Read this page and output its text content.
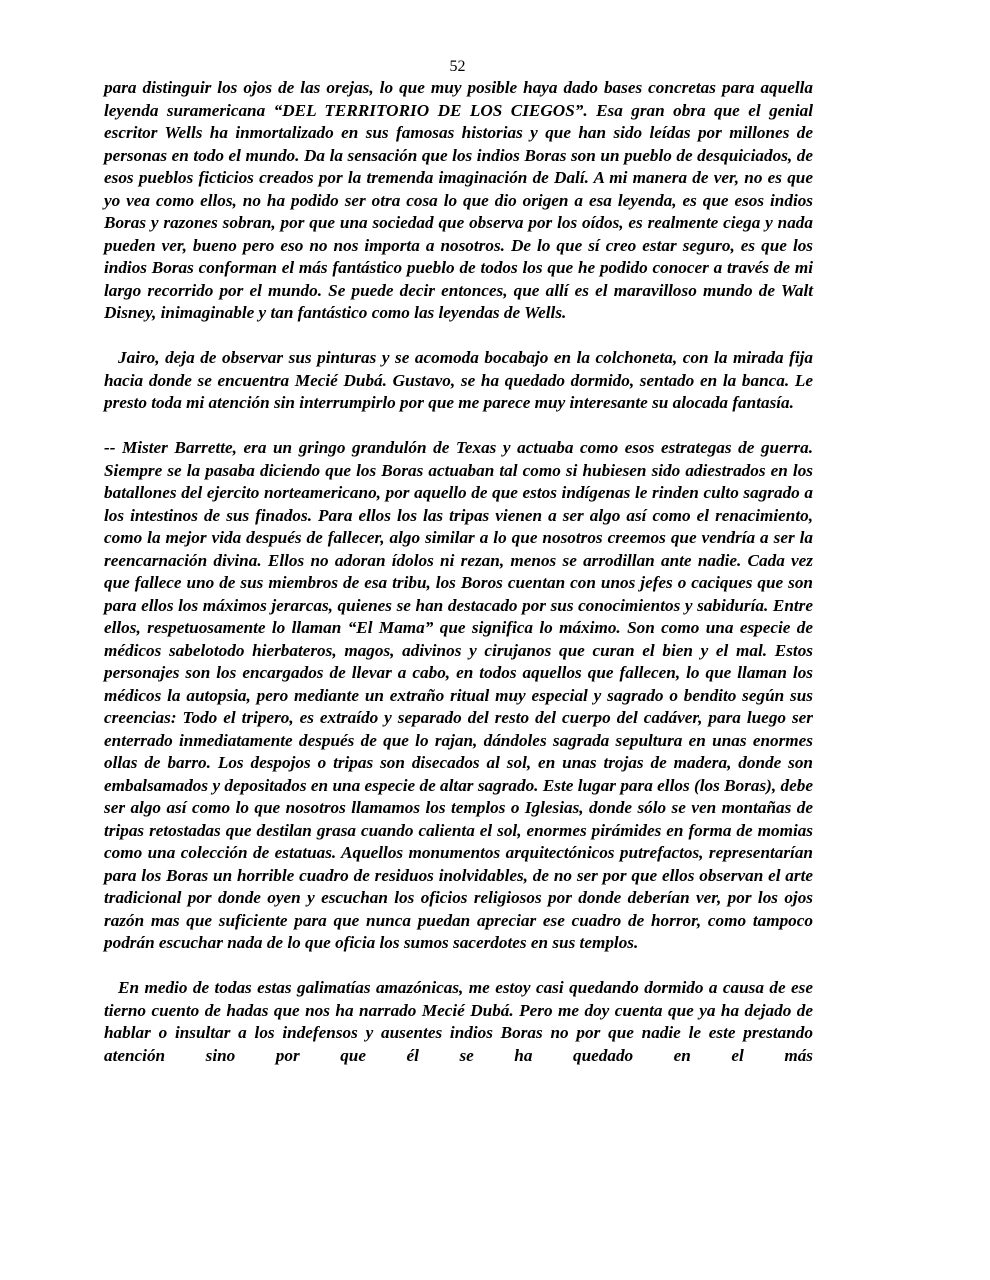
52

para distinguir los ojos de las orejas, lo que muy posible haya dado bases concretas para aquella leyenda suramericana “DEL TERRITORIO DE LOS CIEGOS”. Esa gran obra que el genial escritor Wells ha inmortalizado en sus famosas historias y que han sido leídas por millones de personas en todo el mundo. Da la sensación que los indios Boras son un pueblo de desquiciados, de esos pueblos ficticios creados por la tremenda imaginación de Dalí. A mi manera de ver, no es que yo vea como ellos, no ha podido ser otra cosa lo que dio origen a esa leyenda, es que esos indios Boras y razones sobran, por que una sociedad que observa por los oídos, es realmente ciega y nada pueden ver, bueno pero eso no nos importa a nosotros. De lo que sí creo estar seguro, es que los indios Boras conforman el más fantástico pueblo de todos los que he podido conocer a través de mi largo recorrido por el mundo. Se puede decir entonces, que allí es el maravilloso mundo de Walt Disney, inimaginable y tan fantástico como las leyendas de Wells.

Jairo, deja de observar sus pinturas y se acomoda bocabajo en la colchoneta, con la mirada fija hacia donde se encuentra Mecié Dubá. Gustavo, se ha quedado dormido, sentado en la banca. Le presto toda mi atención sin interrumpirlo por que me parece muy interesante su alocada fantasía.

-- Mister Barrette, era un gringo grandulón de Texas y actuaba como esos estrategas de guerra. Siempre se la pasaba diciendo que los Boras actuaban tal como si hubiesen sido adiestrados en los batallones del ejercito norteamericano, por aquello de que estos indígenas le rinden culto sagrado a los intestinos de sus finados. Para ellos los las tripas vienen a ser algo así como el renacimiento, como la mejor vida después de fallecer, algo similar a lo que nosotros creemos que vendría a ser la reencarnación divina. Ellos no adoran ídolos ni rezan, menos se arrodillan ante nadie. Cada vez que fallece uno de sus miembros de esa tribu, los Boros cuentan con unos jefes o caciques que son para ellos los máximos jerarcas, quienes se han destacado por sus conocimientos y sabiduría. Entre ellos, respetuosamente lo llaman “El Mama” que significa lo máximo. Son como una especie de médicos sabelotodo hierbateros, magos, adivinos y cirujanos que curan el bien y el mal. Estos personajes son los encargados de llevar a cabo, en todos aquellos que fallecen, lo que llaman los médicos la autopsia, pero mediante un extraño ritual muy especial y sagrado o bendito según sus creencias: Todo el tripero, es extraído y separado del resto del cuerpo del cadáver, para luego ser enterrado inmediatamente después de que lo rajan, dándoles sagrada sepultura en unas enormes ollas de barro. Los despojos o tripas son disecados al sol, en unas trojas de madera, donde son embalsamados y depositados en una especie de altar sagrado. Este lugar para ellos (los Boras), debe ser algo así como lo que nosotros llamamos los templos o Iglesias, donde sólo se ven montañas de tripas retostadas que destilan grasa cuando calienta el sol, enormes pirámides en forma de momias como una colección de estatuas. Aquellos monumentos arquitectónicos putrefactos, representarían para los Boras un horrible cuadro de residuos inolvidables, de no ser por que ellos observan el arte tradicional por donde oyen y escuchan los oficios religiosos por donde deberían ver, por los ojos razón mas que suficiente para que nunca puedan apreciar ese cuadro de horror, como tampoco podrán escuchar nada de lo que oficia los sumos sacerdotes en sus templos.

En medio de todas estas galimatías amazónicas, me estoy casi quedando dormido a causa de ese tierno cuento de hadas que nos ha narrado Mecié Dubá. Pero me doy cuenta que ya ha dejado de hablar o insultar a los indefensos y ausentes indios Boras no por que nadie le este prestando atención sino por que él se ha quedado en el más
